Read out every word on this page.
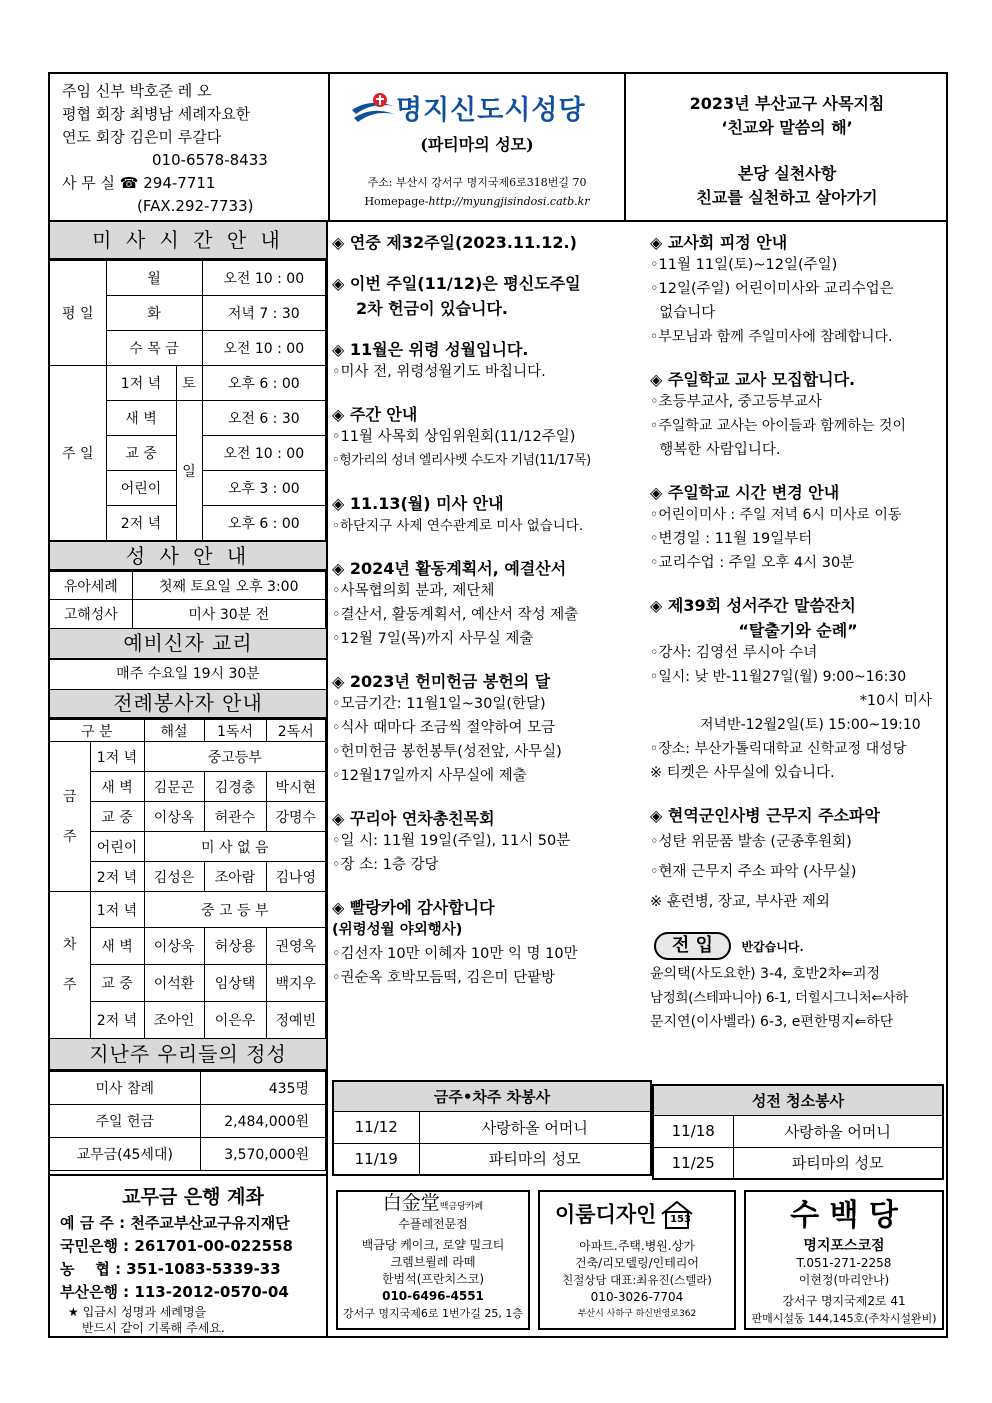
주임 신부 박호준 레 오
평협 회장 최병남 세례자요한
연도 회장 김은미 루갈다
010-6578-8433
사 무 실 ☎ 294-7711
(FAX.292-7733)
명지신도시성당
(파티마의 성모)
주소: 부산시 강서구 명지국제6로318번길 70
Homepage-http://myungjisindosi.catb.kr
2023년 부산교구 사목지침
‘친교와 말씀의 해’
본당 실천사항
친교를 실천하고 살아가기
미 사 시 간 안 내
평 일	월		오전 10 : 00
	화		저녁 7 : 30
	수 목 금		오전 10 : 00
주 일	1저 녁	토	오후 6 : 00
	새 벽	일	오전 6 : 30
	교 중		오전 10 : 00
	어린이		오후 3 : 00
	2저 녁		오후 6 : 00
성 사 안 내
유아세례	첫째 토요일 오후 3:00
고해성사	미사 30분 전
예비신자 교리
매주 수요일 19시 30분
전례봉사자 안내
구 분		해설	1독서	2독서
금

주	1저 녁	중고등부		
	새 벽	김문곤	김경충	박시현
	교 중	이상옥	허관수	강명수
	어린이	미 사 없 음		
	2저 녁	김성은	조아람	김나영
차

주	1저 녁	중 고 등 부		
	새 벽	이상욱	허상용	권영옥
	교 중	이석환	임상택	백지우
	2저 녁	조아인	이은우	정예빈
지난주 우리들의 정성
미사 참례	435명
주일 헌금	2,484,000원
교무금(45세대)	3,570,000원
교무금 은행 계좌
예 금 주 : 천주교부산교구유지재단
국민은행 : 261701-00-022558
농    협 : 351-1083-5339-33
부산은행 : 113-2012-0570-04
★ 입금시 성명과 세례명을
반드시 같이 기록해 주세요.
◈ 연중 제32주일(2023.11.12.)
◈ 이번 주일(11/12)은 평신도주일
2차 헌금이 있습니다.
◈ 11월은 위령 성월입니다.
◦미사 전, 위령성월기도 바칩니다.
◈ 주간 안내
◦11월 사목회 상임위원회(11/12주일)
◦헝가리의 성녀 엘리사벳 수도자 기념(11/17목)
◈ 11.13(월) 미사 안내
◦하단지구 사제 연수관계로 미사 없습니다.
◈ 2024년 활동계획서, 예결산서
◦사목협의회 분과, 제단체
◦결산서, 활동계획서, 예산서 작성 제출
◦12월 7일(목)까지 사무실 제출
◈ 2023년 헌미헌금 봉헌의 달
◦모금기간: 11월1일~30일(한달)
◦식사 때마다 조금씩 절약하여 모금
◦헌미헌금 봉헌봉투(성전앞, 사무실)
◦12월17일까지 사무실에 제출
◈ 꾸리아 연차총친목회
◦일 시: 11월 19일(주일), 11시 50분
◦장 소: 1층 강당
◈ 빨랑카에 감사합니다
(위령성월 야외행사)
◦김선자 10만 이혜자 10만 익 명 10만
◦권순옥 호박모듬떡, 김은미 단팥방
◈ 교사회 피정 안내
◦11월 11일(토)~12일(주일)
◦12일(주일) 어린이미사와 교리수업은
없습니다
◦부모님과 함께 주일미사에 참례합니다.
◈ 주일학교 교사 모집합니다.
◦초등부교사, 중고등부교사
◦주일학교 교사는 아이들과 함께하는 것이
행복한 사람입니다.
◈ 주일학교 시간 변경 안내
◦어린이미사 : 주일 저녁 6시 미사로 이동
◦변경일 : 11월 19일부터
◦교리수업 : 주일 오후 4시 30분
◈ 제39회 성서주간 말씀잔치
“탈출기와 순례”
◦강사: 김영선 루시아 수녀
◦일시: 낮 반-11월27일(월) 9:00~16:30
*10시 미사
저녁반-12월2일(토) 15:00~19:10
◦장소: 부산가톨릭대학교 신학교정 대성당
※ 티켓은 사무실에 있습니다.
◈ 현역군인사병 근무지 주소파악
◦성탄 위문품 발송 (군종후원회)
◦현재 근무지 주소 파악 (사무실)
※ 훈련병, 장교, 부사관 제외
전 입 반갑습니다.
윤의택(사도요한) 3-4, 호반2차⇐괴정
남정희(스테파니아) 6-1, 더힐시그니처⇐사하
문지연(이사벨라) 6-3, e편한명지⇐하단
금주•차주 차봉사	
11/12	사랑하올 어머니
11/19	파티마의 성모
성전 청소봉사	
11/18	사랑하올 어머니
11/25	파티마의 성모
白金堂백금당카페
수플레전문점
백금당 케이크, 로얄 밀크티
크렘브륄레 라떼
한범석(프란치스코)
010-6496-4551
강서구 명지국제6로 1번가길 25, 1층
이룸디자인 $_{153}$
아파트.주택.병원.상가
건축/리모델링/인테리어
친절상담 대표:최유진(스텔라)
010-3026-7704
부산시 사하구 하신번영로362
수 백 당
명지포스코점
T.051-271-2258
이현정(마리안나)
강서구 명지국제2로 41
판매시설동 144,145호(주차시설완비)
